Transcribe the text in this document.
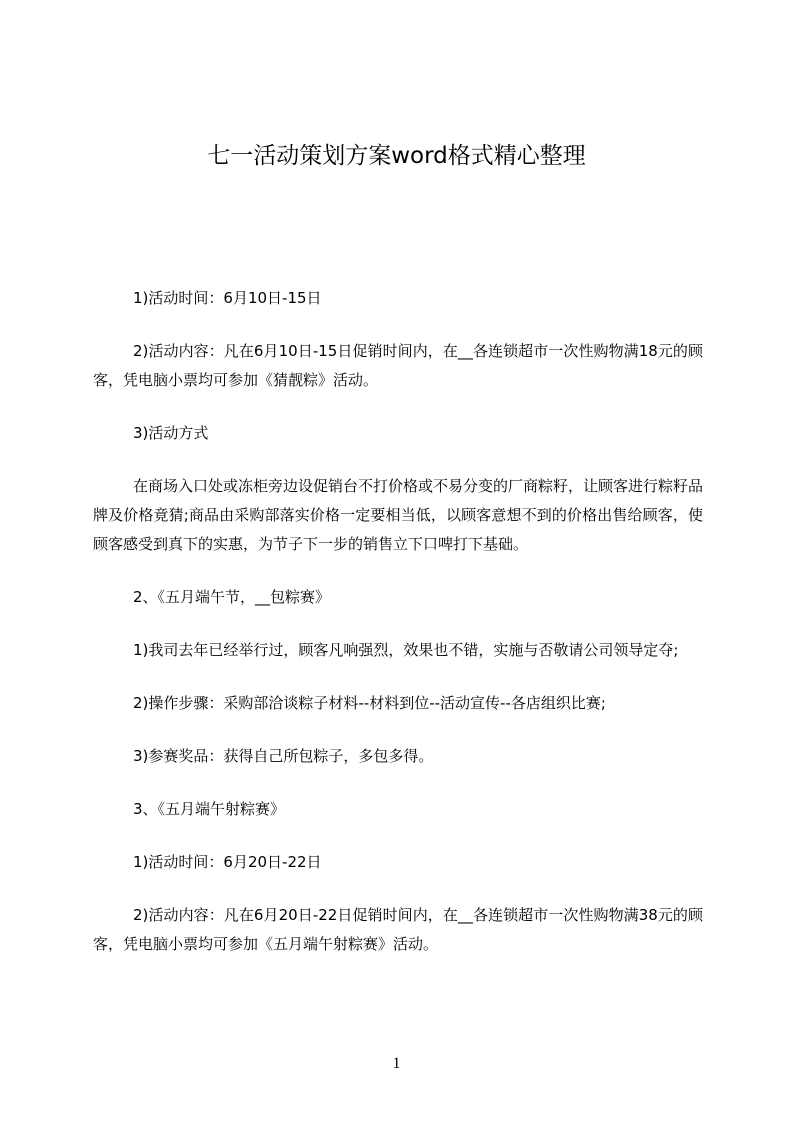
七一活动策划方案word格式精心整理

1)活动时间：6月10日-15日

2)活动内容：凡在6月10日-15日促销时间内，在__各连锁超市一次性购物满18元的顾客，凭电脑小票均可参加《猜靓粽》活动。

3)活动方式

在商场入口处或冻柜旁边设促销台不打价格或不易分变的厂商粽籽，让顾客进行粽籽品牌及价格竟猜;商品由采购部落实价格一定要相当低，以顾客意想不到的价格出售给顾客，使顾客感受到真下的实惠，为节子下一步的销售立下口啤打下基础。

2、《五月端午节，__包粽赛》

1)我司去年已经举行过，顾客凡响强烈，效果也不错，实施与否敬请公司领导定夺;

2)操作步骤：采购部洽谈粽子材料--材料到位--活动宣传--各店组织比赛;

3)参赛奖品：获得自己所包粽子，多包多得。

3、《五月端午射粽赛》

1)活动时间：6月20日-22日

2)活动内容：凡在6月20日-22日促销时间内，在__各连锁超市一次性购物满38元的顾客，凭电脑小票均可参加《五月端午射粽赛》活动。

1
